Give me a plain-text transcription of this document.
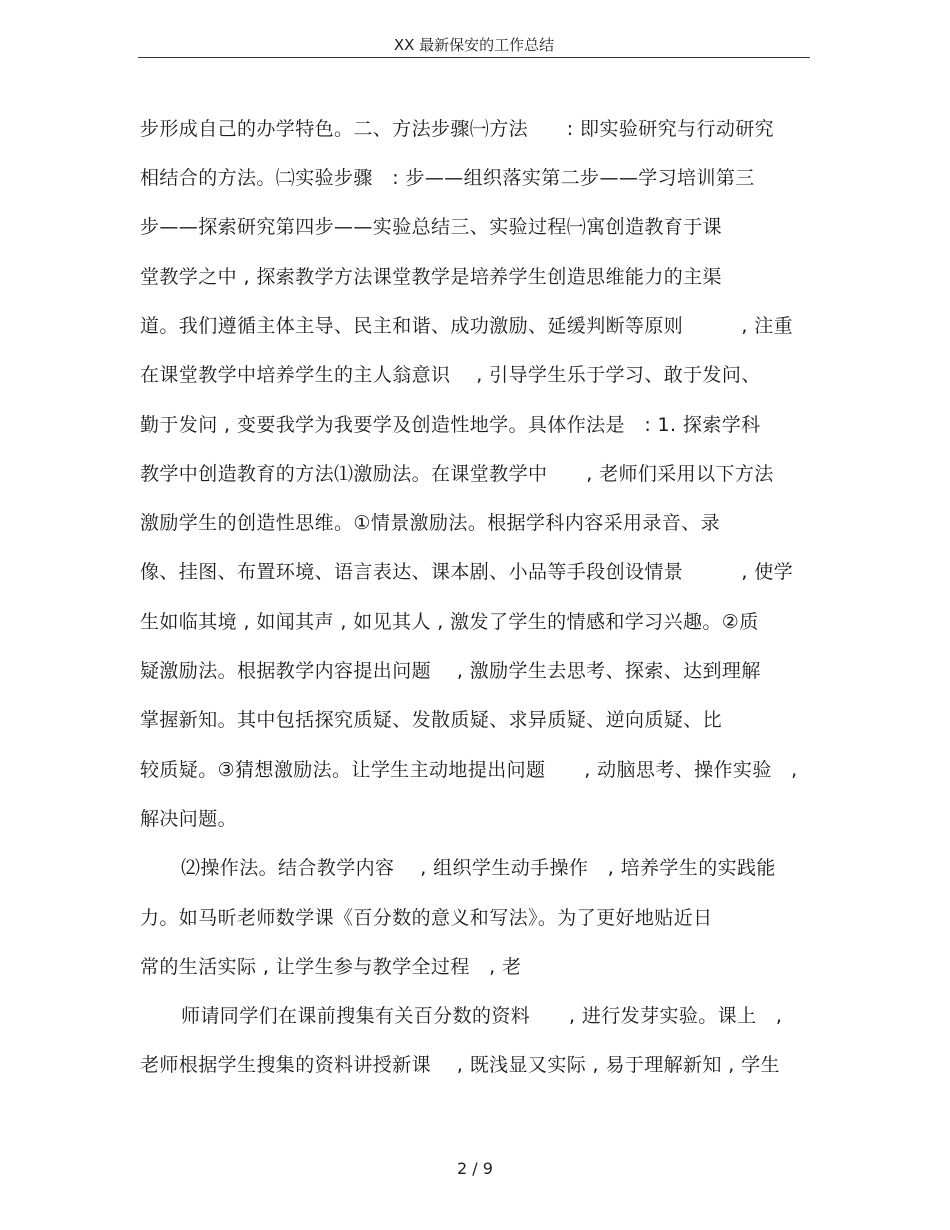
XX 最新保安的工作总结
步形成自己的办学特色。二、方法步骤㈠方法　　: 即实验研究与行动研究
相结合的方法。㈡实验步骤　: 步——组织落实第二步——学习培训第三
步——探索研究第四步——实验总结三、实验过程㈠寓创造教育于课
堂教学之中 , 探索教学方法课堂教学是培养学生创造思维能力的主渠
道。我们遵循主体主导、民主和谐、成功激励、延缓判断等原则　　　, 注重
在课堂教学中培养学生的主人翁意识　 , 引导学生乐于学习、敢于发问、
勤于发问 , 变要我学为我要学及创造性地学。具体作法是　: 1. 探索学科
教学中创造教育的方法⑴激励法。在课堂教学中　　, 老师们采用以下方法
激励学生的创造性思维。①情景激励法。根据学科内容采用录音、录
像、挂图、布置环境、语言表达、课本剧、小品等手段创设情景　　　, 使学
生如临其境 , 如闻其声 , 如见其人 , 激发了学生的情感和学习兴趣。②质
疑激励法。根据教学内容提出问题　 , 激励学生去思考、探索、达到理解
掌握新知。其中包括探究质疑、发散质疑、求异质疑、逆向质疑、比
较质疑。③猜想激励法。让学生主动地提出问题　　, 动脑思考、操作实验　,
解决问题。
⑵操作法。结合教学内容　 , 组织学生动手操作　, 培养学生的实践能
力。如马昕老师数学课《百分数的意义和写法》。为了更好地贴近日
常的生活实际 , 让学生参与教学全过程　, 老
师请同学们在课前搜集有关百分数的资料　　, 进行发芽实验。课上　,
老师根据学生搜集的资料讲授新课　 , 既浅显又实际 , 易于理解新知 , 学生
2 / 9
